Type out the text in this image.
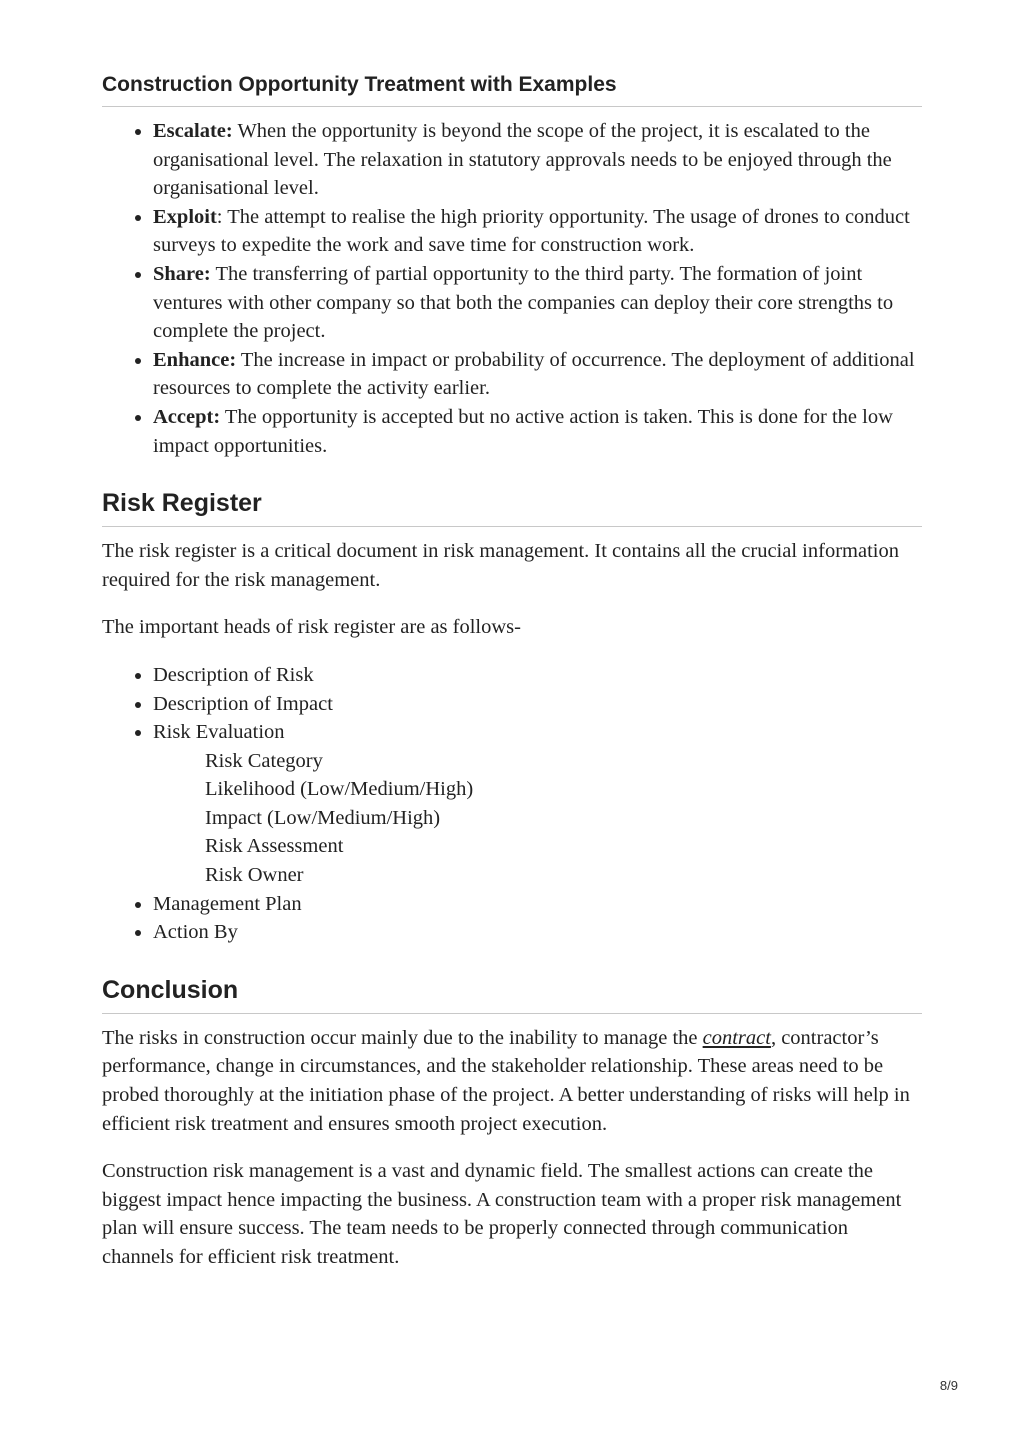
Construction Opportunity Treatment with Examples
• Escalate: When the opportunity is beyond the scope of the project, it is escalated to the organisational level. The relaxation in statutory approvals needs to be enjoyed through the organisational level.
• Exploit: The attempt to realise the high priority opportunity. The usage of drones to conduct surveys to expedite the work and save time for construction work.
• Share: The transferring of partial opportunity to the third party. The formation of joint ventures with other company so that both the companies can deploy their core strengths to complete the project.
• Enhance: The increase in impact or probability of occurrence. The deployment of additional resources to complete the activity earlier.
• Accept: The opportunity is accepted but no active action is taken. This is done for the low impact opportunities.
Risk Register

The risk register is a critical document in risk management. It contains all the crucial information required for the risk management.

The important heads of risk register are as follows-

• Description of Risk
• Description of Impact
• Risk Evaluation
Risk Category
Likelihood (Low/Medium/High)
Impact (Low/Medium/High)
Risk Assessment
Risk Owner
• Management Plan
• Action By
Conclusion

The risks in construction occur mainly due to the inability to manage the contract, contractor’s performance, change in circumstances, and the stakeholder relationship. These areas need to be probed thoroughly at the initiation phase of the project. A better understanding of risks will help in efficient risk treatment and ensures smooth project execution.

Construction risk management is a vast and dynamic field. The smallest actions can create the biggest impact hence impacting the business. A construction team with a proper risk management plan will ensure success. The team needs to be properly connected through communication channels for efficient risk treatment.

8/9
